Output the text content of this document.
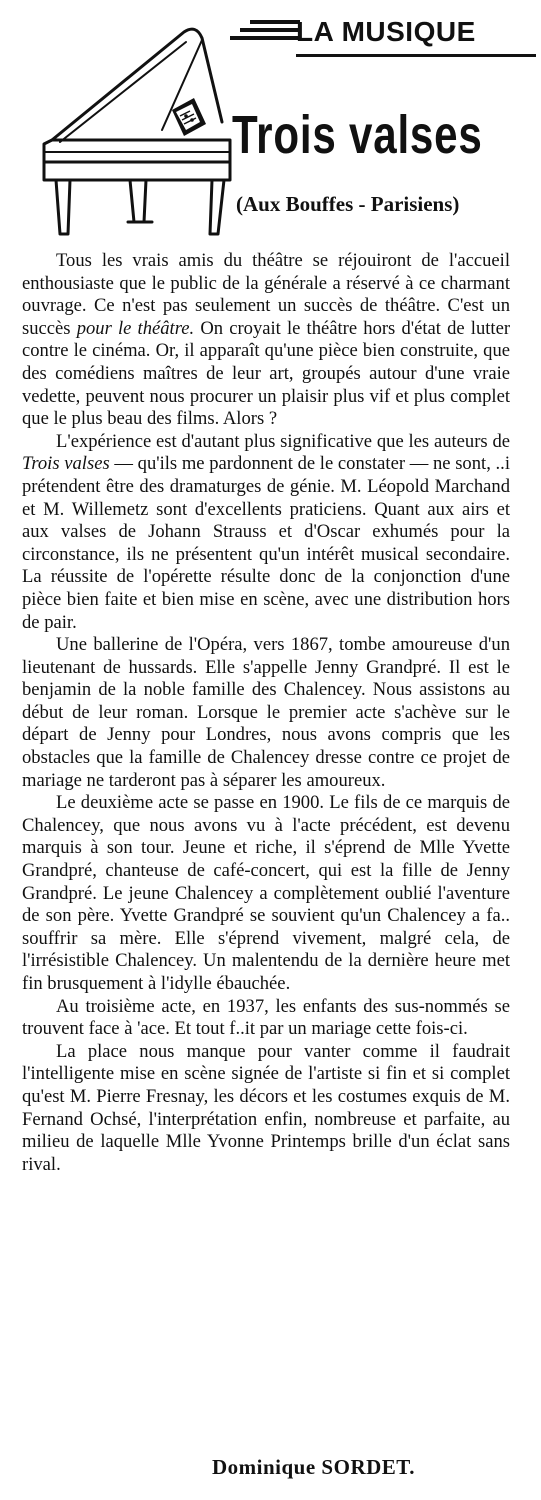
LA MUSIQUE
Trois valses
(Aux Bouffes - Parisiens)

Tous les vrais amis du théâtre se réjouiront de l'accueil enthousiaste que le public de la générale a réservé à ce charmant ouvrage. Ce n'est pas seulement un succès de théâtre. C'est un succès pour le théâtre. On croyait le théâtre hors d'état de lutter contre le cinéma. Or, il apparaît qu'une pièce bien construite, que des comédiens maîtres de leur art, groupés autour d'une vraie vedette, peuvent nous procurer un plaisir plus vif et plus complet que le plus beau des films. Alors ?

L'expérience est d'autant plus significative que les auteurs de Trois valses — qu'ils me pardonnent de le constater — ne sont, ..i prétendent être des dramaturges de génie. M. Léopold Marchand et M. Willemetz sont d'excellents praticiens. Quant aux airs et aux valses de Johann Strauss et d'Oscar exhumés pour la circonstance, ils ne présentent qu'un intérêt musical secondaire. La réussite de l'opérette résulte donc de la conjonction d'une pièce bien faite et bien mise en scène, avec une distribution hors de pair.

Une ballerine de l'Opéra, vers 1867, tombe amoureuse d'un lieutenant de hussards. Elle s'appelle Jenny Grandpré. Il est le benjamin de la noble famille des Chalencey. Nous assistons au début de leur roman. Lorsque le premier acte s'achève sur le départ de Jenny pour Londres, nous avons compris que les obstacles que la famille de Chalencey dresse contre ce projet de mariage ne tarderont pas à séparer les amoureux.

Le deuxième acte se passe en 1900. Le fils de ce marquis de Chalencey, que nous avons vu à l'acte précédent, est devenu marquis à son tour. Jeune et riche, il s'éprend de Mlle Yvette Grandpré, chanteuse de café-concert, qui est la fille de Jenny Grandpré. Le jeune Chalencey a complètement oublié l'aventure de son père. Yvette Grandpré se souvient qu'un Chalencey a fa.. souffrir sa mère. Elle s'éprend vivement, malgré cela, de l'irrésistible Chalencey. Un malentendu de la dernière heure met fin brusquement à l'idylle ébauchée.

Au troisième acte, en 1937, les enfants des sus-nommés se trouvent face à 'ace. Et tout f..it par un mariage cette fois-ci.

La place nous manque pour vanter comme il faudrait l'intelligente mise en scène signée de l'artiste si fin et si complet qu'est M. Pierre Fresnay, les décors et les costumes exquis de M. Fernand Ochsé, l'interprétation enfin, nombreuse et parfaite, au milieu de laquelle Mlle Yvonne Printemps brille d'un éclat sans rival.

Dominique SORDET.
